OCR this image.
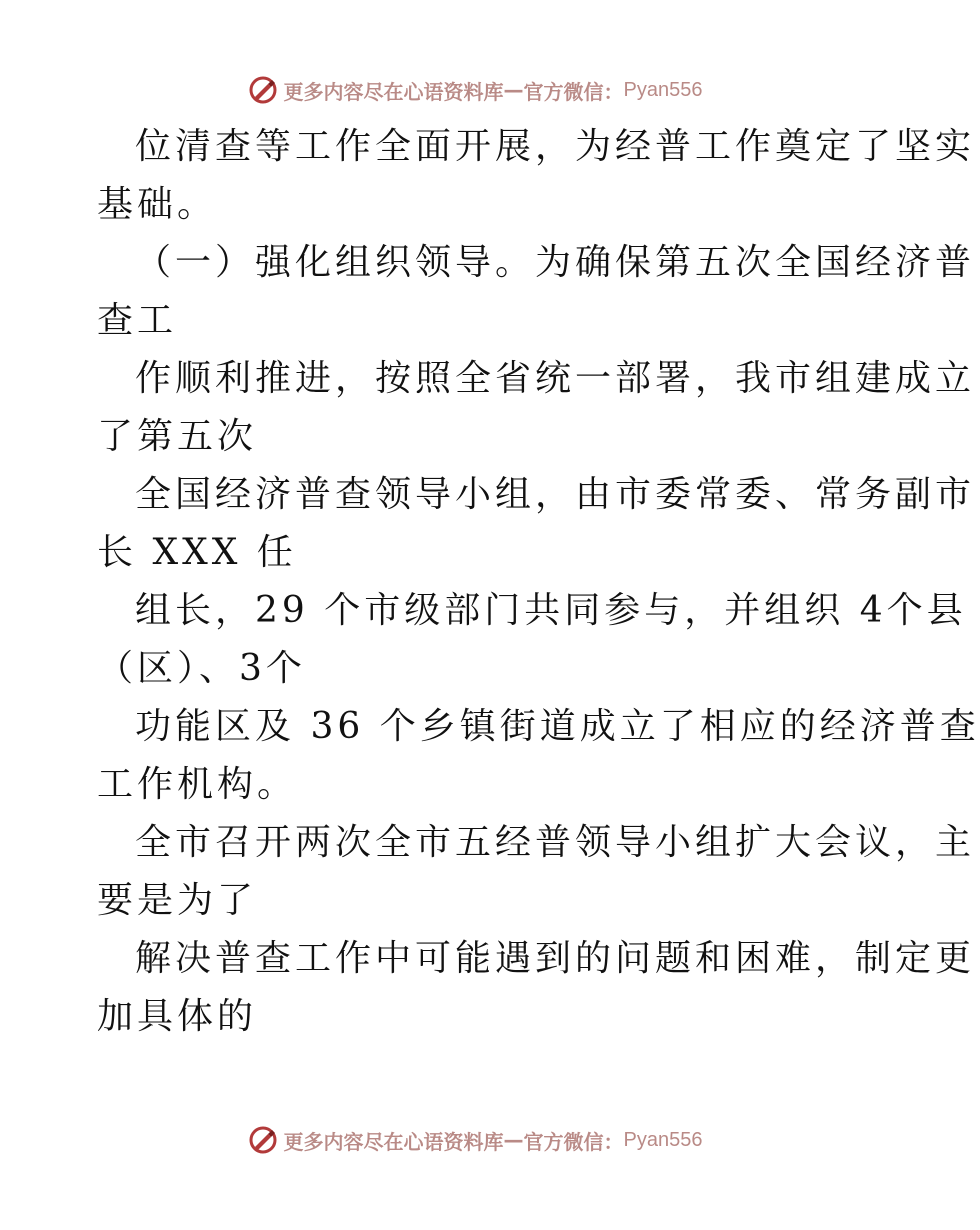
更多内容尽在心语资料库 — 官方微信： Pyan556
位清查等工作全面开展，为经普工作奠定了坚实
基础。
（一）强化组织领导。为确保第五次全国经济普
查工
作顺利推进，按照全省统一部署，我市组建成立
了第五次
全国经济普查领导小组，由市委常委、常务副市
长 XXX 任
组长，29 个市级部门共同参与，并组织 4个县
（区）、3个
功能区及 36 个乡镇街道成立了相应的经济普查
工作机构。
全市召开两次全市五经普领导小组扩大会议，主
要是为了
解决普查工作中可能遇到的问题和困难，制定更
加具体的
更多内容尽在心语资料库 — 官方微信： Pyan556
